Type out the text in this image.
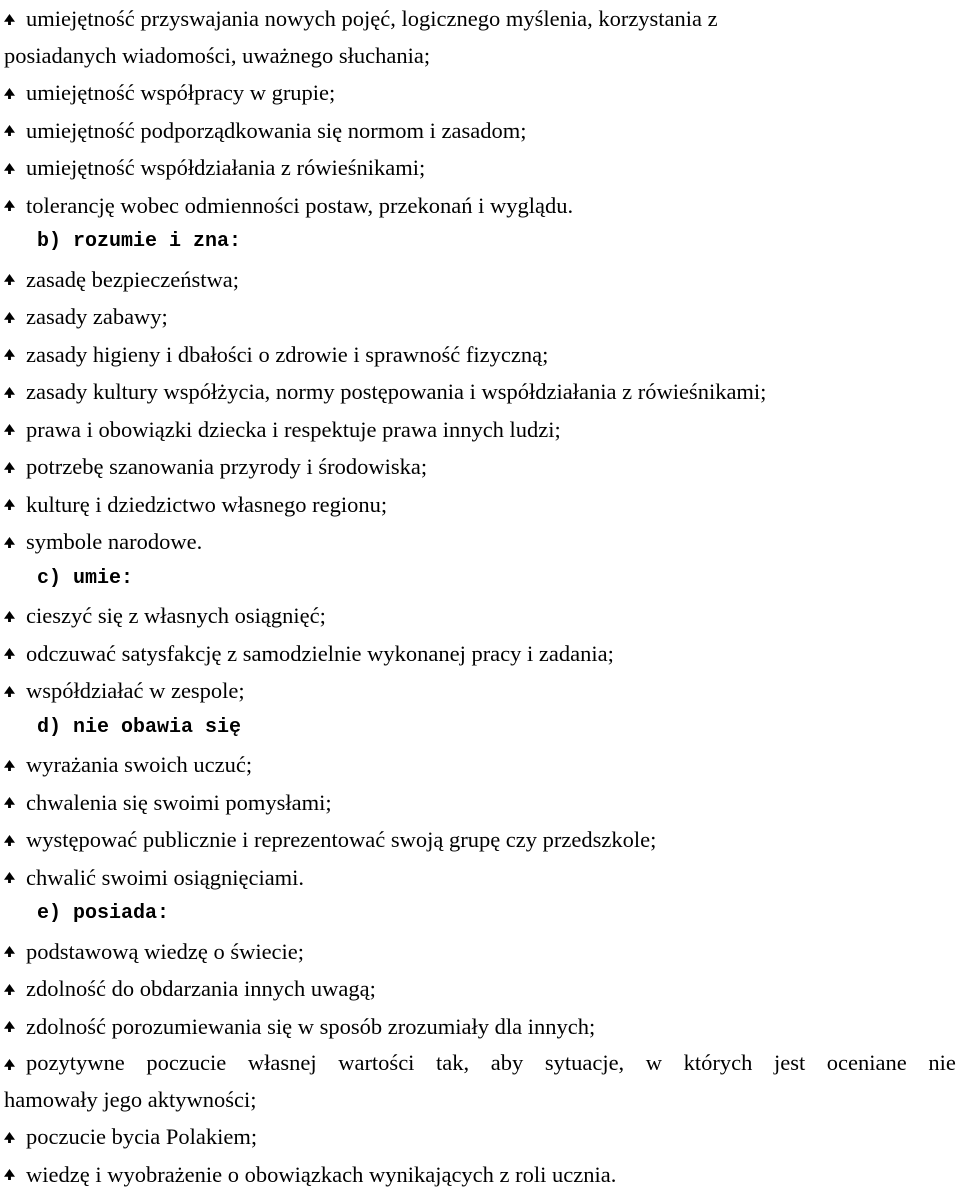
umiejętność przyswajania nowych pojęć, logicznego myślenia, korzystania z
posiadanych wiadomości, uważnego słuchania;
umiejętność współpracy w grupie;
umiejętność podporządkowania się normom i zasadom;
umiejętność współdziałania z rówieśnikami;
tolerancję wobec odmienności postaw, przekonań i wyglądu.
b) rozumie i zna:
zasadę bezpieczeństwa;
zasady zabawy;
zasady higieny i dbałości o zdrowie i sprawność fizyczną;
zasady kultury współżycia, normy postępowania i współdziałania z rówieśnikami;
prawa i obowiązki dziecka i respektuje prawa innych ludzi;
potrzebę szanowania przyrody i środowiska;
kulturę i dziedzictwo własnego regionu;
symbole narodowe.
c) umie:
cieszyć się z własnych osiągnięć;
odczuwać satysfakcję z samodzielnie wykonanej pracy i zadania;
współdziałać w zespole;
d) nie obawia się
wyrażania swoich uczuć;
chwalenia się swoimi pomysłami;
występować publicznie i reprezentować swoją grupę czy przedszkole;
chwalić swoimi osiągnięciami.
e) posiada:
podstawową wiedzę o świecie;
zdolność do obdarzania innych uwagą;
zdolność porozumiewania się w sposób zrozumiały dla innych;
pozytywne poczucie własnej wartości tak, aby sytuacje, w których jest oceniane nie
hamowały jego aktywności;
poczucie bycia Polakiem;
wiedzę i wyobrażenie o obowiązkach wynikających z roli ucznia.
